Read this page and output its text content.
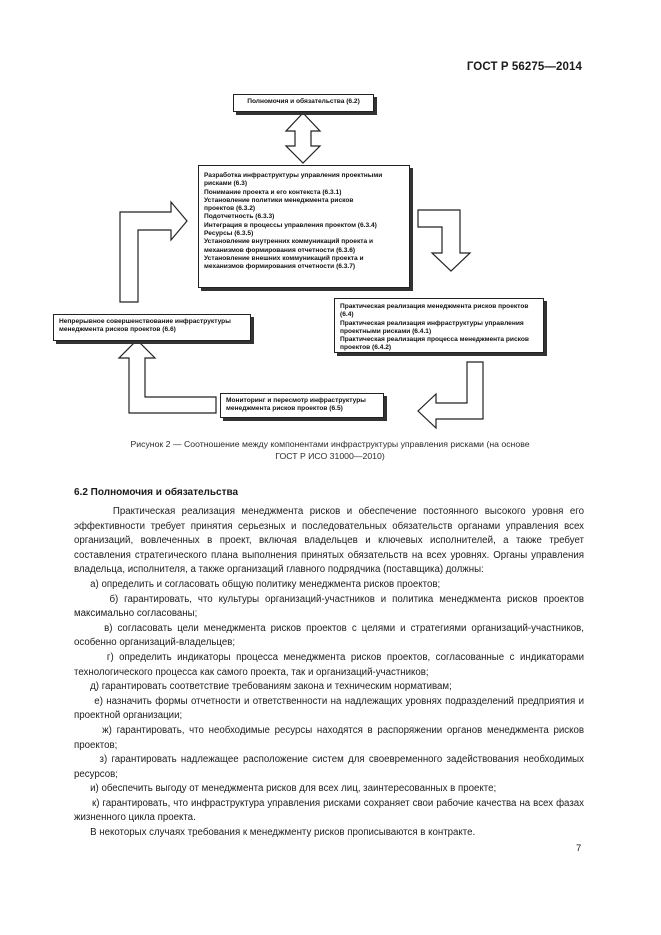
ГОСТ Р 56275—2014
Полномочия и обязательства (6.2)

Разработка инфраструктуры управления проектными

рисками (6.3)

Понимание проекта и его контекста (6.3.1)

Установление политики менеджмента рисков

проектов (6.3.2)

Подотчетность (6.3.3)

Интеграция в процессы управления проектом (6.3.4)

Ресурсы (6.3.5)

Установление внутренних коммуникаций проекта и

механизмов формирования отчетности (6.3.6)

Установление внешних коммуникаций проекта и

механизмов формирования отчетности (6.3.7)

Практическая реализация менеджмента рисков проектов (6.4)

Практическая реализация инфраструктуры управления

проектными рисками (6.4.1)

Практическая реализация процесса менеджмента рисков

проектов (6.4.2)

Непрерывное совершенствование инфраструктуры

менеджмента рисков проектов (6.6)

Мониторинг и пересмотр инфраструктуры

менеджмента рисков проектов (6.5)

Рисунок 2 — Соотношение между компонентами инфраструктуры управления рисками (на основе

ГОСТ Р ИСО 31000—2010)

6.2 Полномочия и обязательства

Практическая реализация менеджмента рисков и обеспечение постоянного высокого уровня его эффективности требует принятия серьезных и последовательных обязательств органами управления всех организаций, вовлеченных в проект, включая владельцев и ключевых исполнителей, а также требует составления стратегического плана выполнения принятых обязательств на всех уровнях. Органы управления владельца, исполнителя, а также организаций главного подрядчика (поставщика) должны:

а) определить и согласовать общую политику менеджмента рисков проектов;

б) гарантировать, что культуры организаций-участников и политика менеджмента рисков проектов максимально согласованы;

в) согласовать цели менеджмента рисков проектов с целями и стратегиями организаций-участников, особенно организаций-владельцев;

г) определить индикаторы процесса менеджмента рисков проектов, согласованные с индикаторами технологического процесса как самого проекта, так и организаций-участников;

д) гарантировать соответствие требованиям закона и техническим нормативам;

е) назначить формы отчетности и ответственности на надлежащих уровнях подразделений предприятия и проектной организации;

ж) гарантировать, что необходимые ресурсы находятся в распоряжении органов менеджмента рисков проектов;

з) гарантировать надлежащее расположение систем для своевременного задействования необходимых ресурсов;

и) обеспечить выгоду от менеджмента рисков для всех лиц, заинтересованных в проекте;

к) гарантировать, что инфраструктура управления рисками сохраняет свои рабочие качества на всех фазах жизненного цикла проекта.

В некоторых случаях требования к менеджменту рисков прописываются в контракте.

7
